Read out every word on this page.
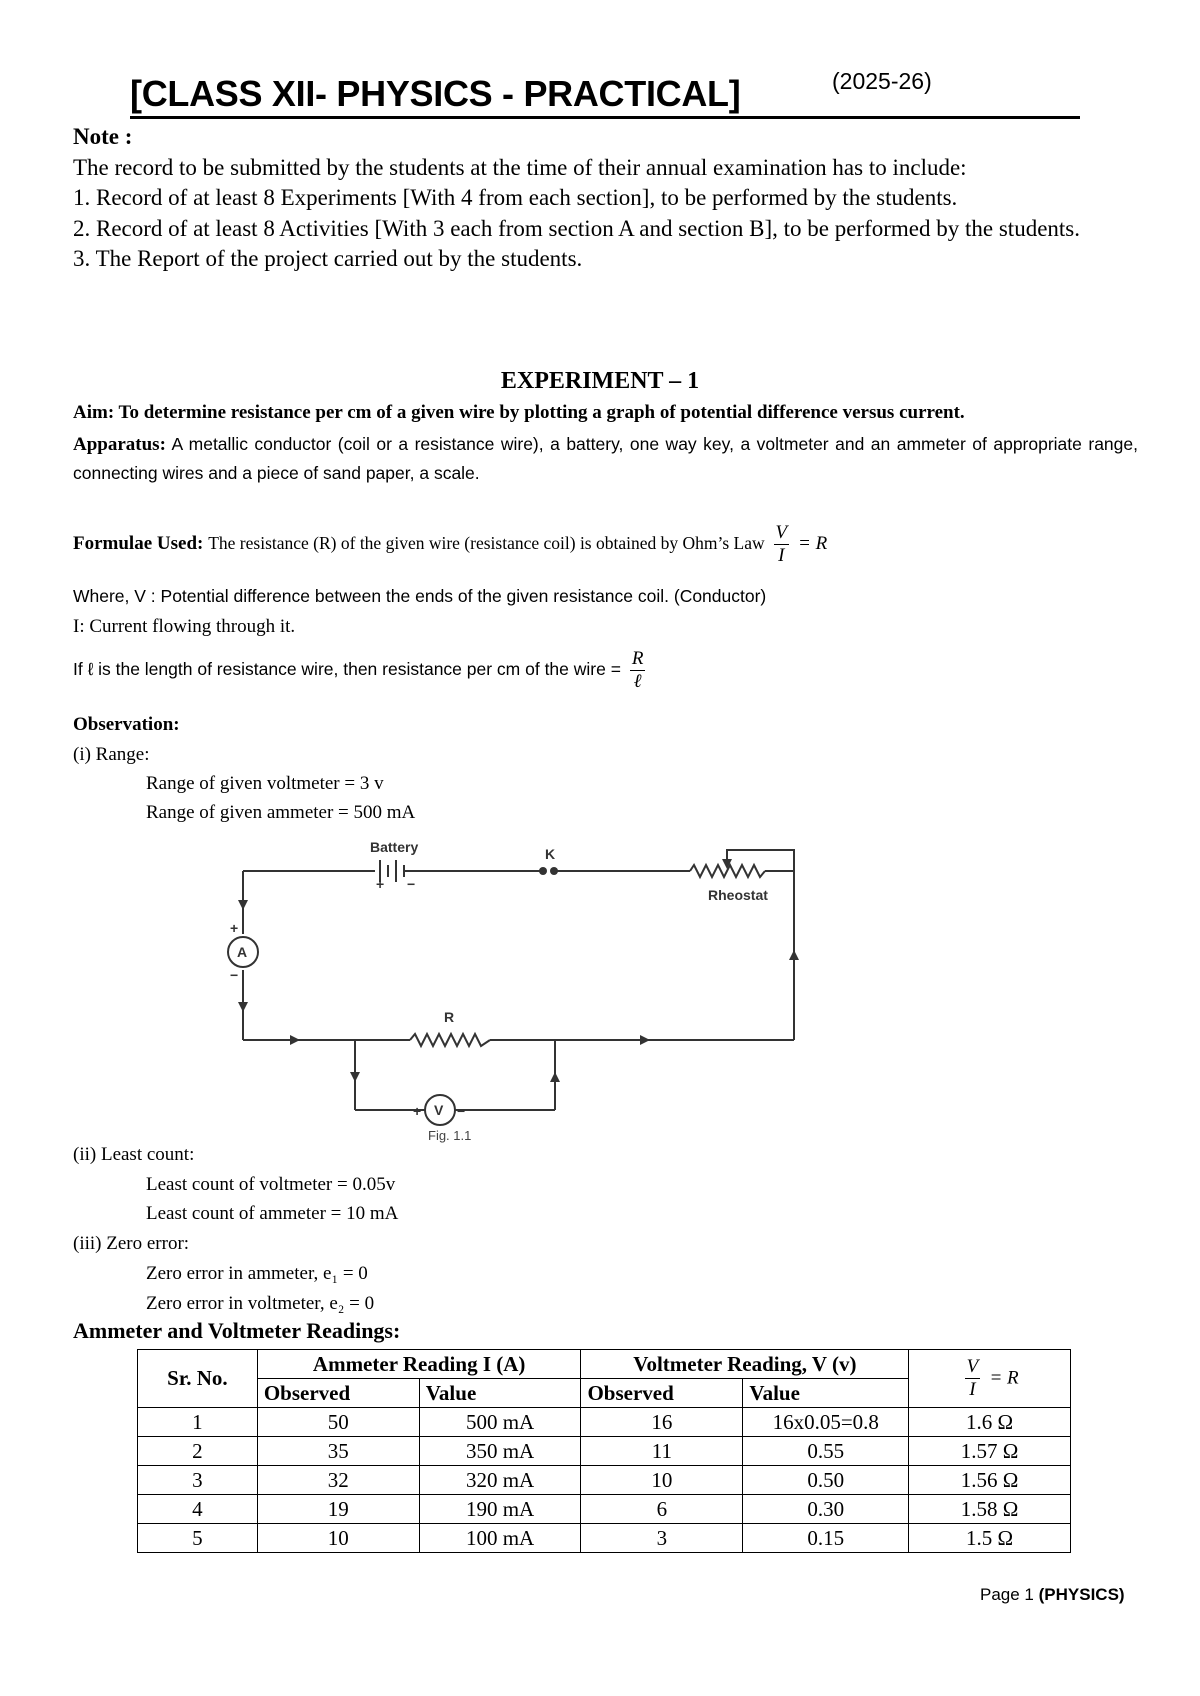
[CLASS XII- PHYSICS - PRACTICAL]	(2025-26)

Note :

The record to be submitted by the students at the time of their annual examination has to include:

1. Record of at least 8 Experiments [With 4 from each section], to be performed by the students.

2. Record of at least 8 Activities [With 3 each from section A and section B], to be performed by the students.

3. The Report of the project carried out by the students.

EXPERIMENT – 1
Aim: To determine resistance per cm of a given wire by plotting a graph of potential difference versus current.
Apparatus: A metallic conductor (coil or a resistance wire), a battery, one way key, a voltmeter and an ammeter of appropriate range, connecting wires and a piece of sand paper, a scale.
Formulae Used: The resistance (R) of the given wire (resistance coil) is obtained by Ohm’s Law $\frac{V}{I} = R$
Where, V : Potential difference between the ends of the given resistance coil. (Conductor)
I: Current flowing through it.
If ℓ is the length of resistance wire, then resistance per cm of the wire = $\frac{R}{\text{ℓ}}$
Observation:
(i) Range:
Range of given voltmeter = 3 v
Range of given ammeter = 500 mA
Battery	K
Rheostat
A
R
V
+ −
+
−
+	−
Fig. 1.1
(ii) Least count:
Least count of voltmeter = 0.05v
Least count of ammeter = 10 mA
(iii) Zero error:
Zero error in ammeter, e₁ = 0
Zero error in voltmeter, e₂ = 0
Ammeter and Voltmeter Readings:
Sr. No.	Ammeter Reading I (A)		Voltmeter Reading, V (v)		$\frac{V}{I} = R$
	Observed	Value	Observed	Value	
1	50	500 mA	16	16x0.05=0.8	1.6 Ω
2	35	350 mA	11	0.55	1.57 Ω
3	32	320 mA	10	0.50	1.56 Ω
4	19	190 mA	6	0.30	1.58 Ω
5	10	100 mA	3	0.15	1.5 Ω
Page 1 (PHYSICS)
